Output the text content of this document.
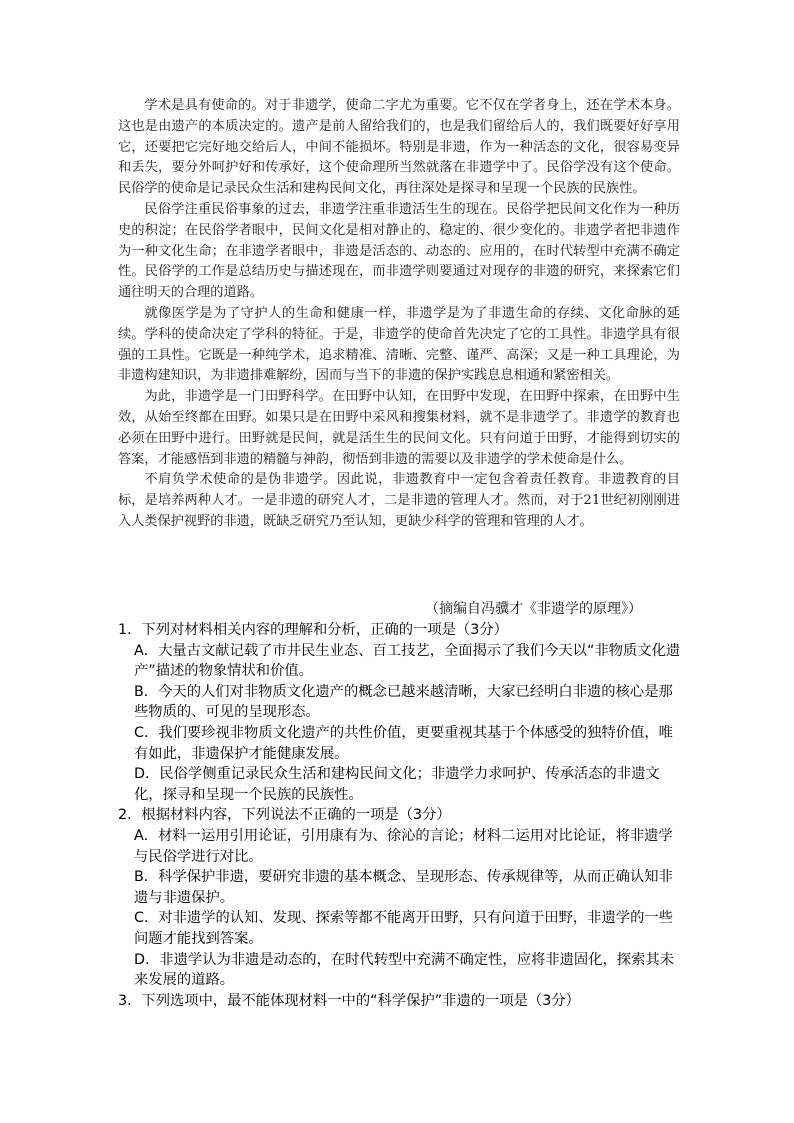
学术是具有使命的。对于非遗学，使命二字尤为重要。它不仅在学者身上，还在学术本身。这也是由遗产的本质决定的。遗产是前人留给我们的，也是我们留给后人的，我们既要好好享用它，还要把它完好地交给后人，中间不能损坏。特别是非遗，作为一种活态的文化，很容易变异和丢失，要分外呵护好和传承好，这个使命理所当然就落在非遗学中了。民俗学没有这个使命。民俗学的使命是记录民众生活和建构民间文化，再往深处是探寻和呈现一个民族的民族性。

民俗学注重民俗事象的过去，非遗学注重非遗活生生的现在。民俗学把民间文化作为一种历史的积淀；在民俗学者眼中，民间文化是相对静止的、稳定的、很少变化的。非遗学者把非遗作为一种文化生命；在非遗学者眼中，非遗是活态的、动态的、应用的，在时代转型中充满不确定性。民俗学的工作是总结历史与描述现在，而非遗学则要通过对现存的非遗的研究，来探索它们通往明天的合理的道路。

就像医学是为了守护人的生命和健康一样，非遗学是为了非遗生命的存续、文化命脉的延续。学科的使命决定了学科的特征。于是，非遗学的使命首先决定了它的工具性。非遗学具有很强的工具性。它既是一种纯学术，追求精准、清晰、完整、谨严、高深；又是一种工具理论，为非遗构建知识，为非遗排难解纷，因而与当下的非遗的保护实践息息相通和紧密相关。

为此，非遗学是一门田野科学。在田野中认知，在田野中发现，在田野中探索，在田野中生效，从始至终都在田野。如果只是在田野中采风和搜集材料，就不是非遗学了。非遗学的教育也必须在田野中进行。田野就是民间，就是活生生的民间文化。只有问道于田野，才能得到切实的答案，才能感悟到非遗的精髓与神韵，彻悟到非遗的需要以及非遗学的学术使命是什么。

不肩负学术使命的是伪非遗学。因此说，非遗教育中一定包含着责任教育。非遗教育的目标，是培养两种人才。一是非遗的研究人才，二是非遗的管理人才。然而，对于21世纪初刚刚进入人类保护视野的非遗，既缺乏研究乃至认知，更缺少科学的管理和管理的人才。

（摘编自冯骥才《非遗学的原理》）

1．下列对材料相关内容的理解和分析，正确的一项是（3分）

A．大量古文献记载了市井民生业态、百工技艺，全面揭示了我们今天以“非物质文化遗产”描述的物象情状和价值。

B．今天的人们对非物质文化遗产的概念已越来越清晰，大家已经明白非遗的核心是那些物质的、可见的呈现形态。

C．我们要珍视非物质文化遗产的共性价值，更要重视其基于个体感受的独特价值，唯有如此，非遗保护才能健康发展。

D．民俗学侧重记录民众生活和建构民间文化；非遗学力求呵护、传承活态的非遗文化，探寻和呈现一个民族的民族性。

2．根据材料内容，下列说法不正确的一项是（3分）

A．材料一运用引用论证，引用康有为、徐沁的言论；材料二运用对比论证，将非遗学与民俗学进行对比。

B．科学保护非遗，要研究非遗的基本概念、呈现形态、传承规律等，从而正确认知非遗与非遗保护。

C．对非遗学的认知、发现、探索等都不能离开田野，只有问道于田野，非遗学的一些问题才能找到答案。

D．非遗学认为非遗是动态的，在时代转型中充满不确定性，应将非遗固化，探索其未来发展的道路。

3．下列选项中，最不能体现材料一中的“科学保护”非遗的一项是（3分）
